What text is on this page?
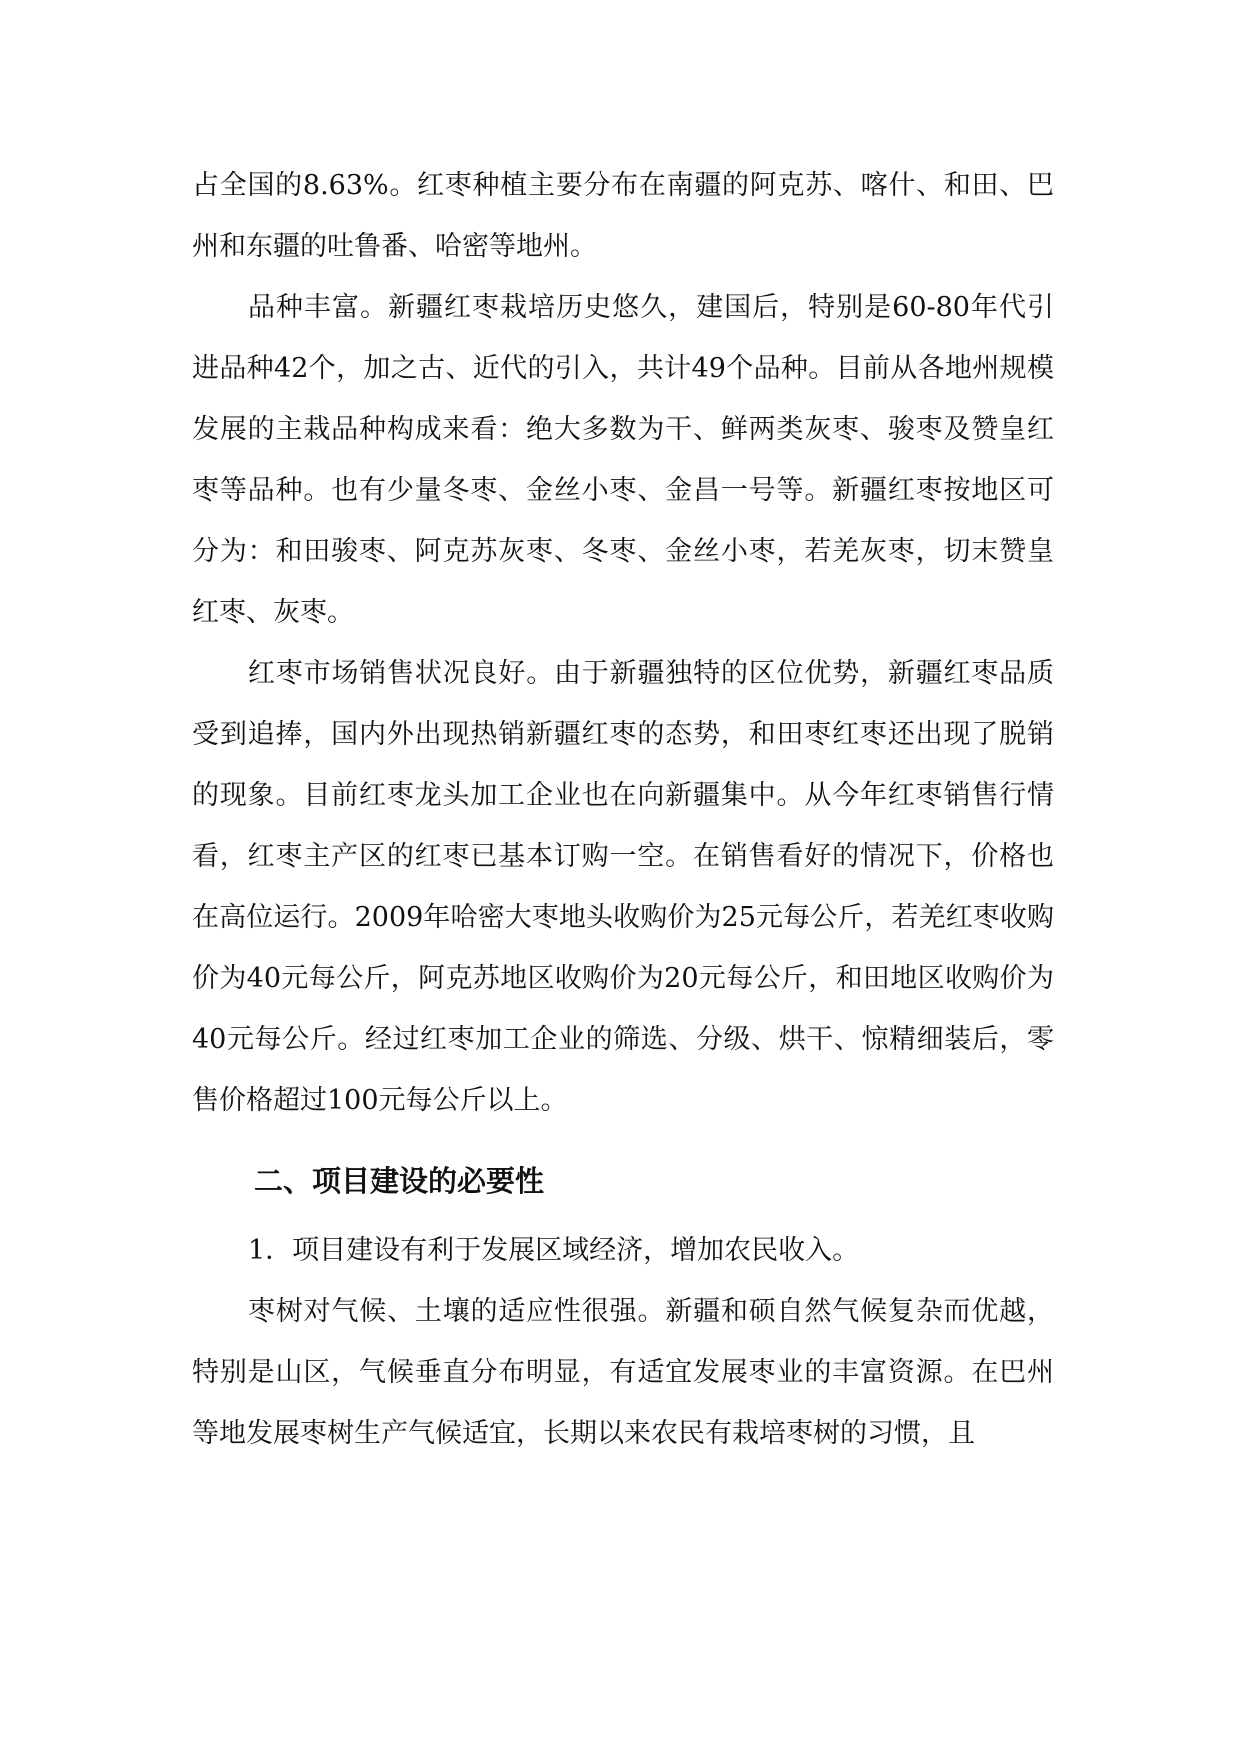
占全国的8.63%。红枣种植主要分布在南疆的阿克苏、喀什、和田、巴州和东疆的吐鲁番、哈密等地州。

品种丰富。新疆红枣栽培历史悠久，建国后，特别是60-80年代引进品种42个，加之古、近代的引入，共计49个品种。目前从各地州规模发展的主栽品种构成来看：绝大多数为干、鲜两类灰枣、骏枣及赞皇红枣等品种。也有少量冬枣、金丝小枣、金昌一号等。新疆红枣按地区可分为：和田骏枣、阿克苏灰枣、冬枣、金丝小枣，若羌灰枣，切末赞皇红枣、灰枣。

红枣市场销售状况良好。由于新疆独特的区位优势，新疆红枣品质受到追捧，国内外出现热销新疆红枣的态势，和田枣红枣还出现了脱销的现象。目前红枣龙头加工企业也在向新疆集中。从今年红枣销售行情看，红枣主产区的红枣已基本订购一空。在销售看好的情况下，价格也在高位运行。2009年哈密大枣地头收购价为25元每公斤，若羌红枣收购价为40元每公斤，阿克苏地区收购价为20元每公斤，和田地区收购价为40元每公斤。经过红枣加工企业的筛选、分级、烘干、惊精细装后，零售价格超过100元每公斤以上。

二、项目建设的必要性

1．项目建设有利于发展区域经济，增加农民收入。

枣树对气候、土壤的适应性很强。新疆和硕自然气候复杂而优越，特别是山区，气候垂直分布明显，有适宜发展枣业的丰富资源。在巴州等地发展枣树生产气候适宜，长期以来农民有栽培枣树的习惯，且
